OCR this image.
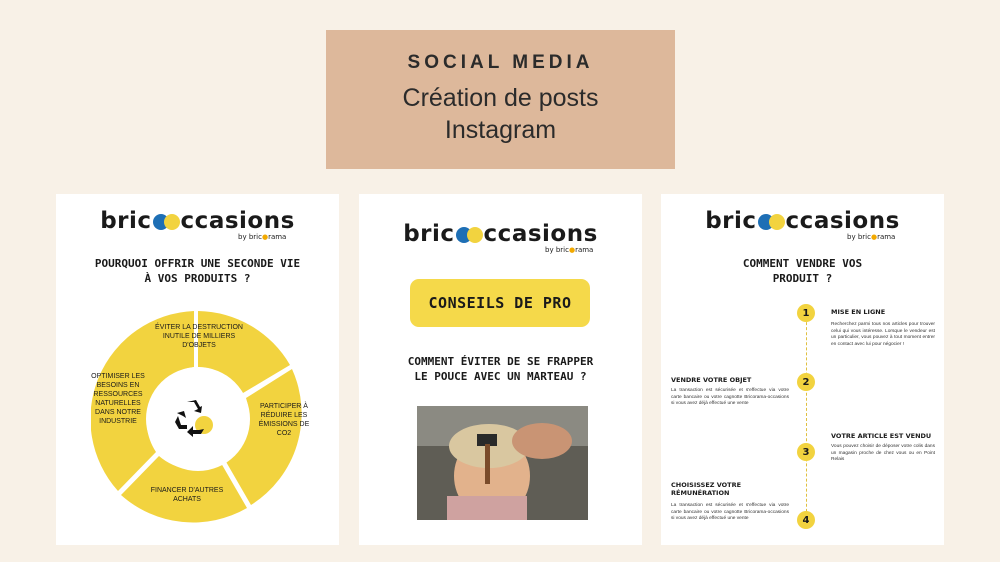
SOCIAL MEDIA
Création de posts
Instagram
bric ccasions
by bric●rama
POURQUOI OFFRIR UNE SECONDE VIE
À VOS PRODUITS ?
ÉVITER LA DESTRUCTION INUTILE DE MILLIERS D'OBJETS
PARTICIPER À RÉDUIRE LES ÉMISSIONS DE CO2
FINANCER D'AUTRES ACHATS
OPTIMISER LES BESOINS EN RESSOURCES NATURELLES DANS NOTRE INDUSTRIE
bric ccasions
by bric●rama
CONSEILS DE PRO
COMMENT ÉVITER DE SE FRAPPER
LE POUCE AVEC UN MARTEAU ?
bric ccasions
by bric●rama
COMMENT VENDRE VOS
PRODUIT ?
1	MISE EN LIGNE
Recherchez parmi tous nos articles pour trouver celui qui vous intéresse. Lorsque le vendeur est un particulier, vous pouvez à tout moment entrer en contact avec lui pour négocier !
2
VENDRE VOTRE OBJET
La transaction est sécurisée et s'effectue via votre carte bancaire ou votre cagnotte Bricorama-occasions si vous avez déjà effectué une vente
3
VOTRE ARTICLE EST VENDU
Vous pouvez choisir de déposer votre colis dans un magasin proche de chez vous ou en Point Relais
4
CHOISISSEZ VOTRE RÉMUNÉRATION
La transaction est sécurisée et s'effectue via votre carte bancaire ou votre cagnotte Bricorama-occasions si vous avez déjà effectué une vente
